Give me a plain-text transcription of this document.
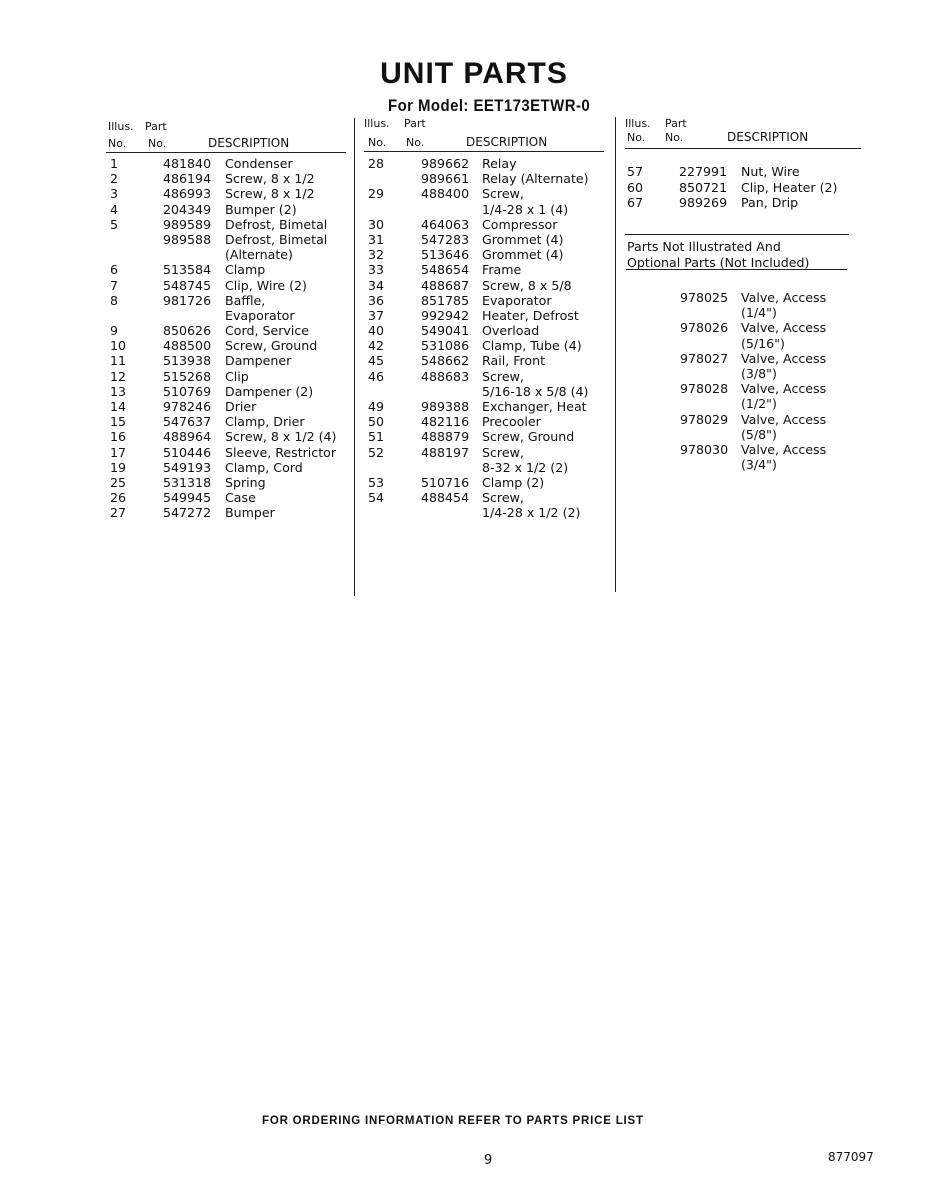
UNIT PARTS
For Model: EET173ETWR-0
Illus. Part
No. No.	DESCRIPTION
1	481840 Condenser
2	486194 Screw, 8 x 1/2
3	486993 Screw, 8 x 1/2
4	204349 Bumper (2)
5	989589 Defrost, Bimetal
989588 Defrost, Bimetal
(Alternate)
6	513584 Clamp
7	548745 Clip, Wire (2)
8	981726 Baffle,
Evaporator
9	850626 Cord, Service
10	488500 Screw, Ground
11	513938 Dampener
12	515268 Clip
13	510769 Dampener (2)
14	978246 Drier
15	547637 Clamp, Drier
16	488964 Screw, 8 x 1/2 (4)
17	510446 Sleeve, Restrictor
19	549193 Clamp, Cord
25	531318 Spring
26	549945 Case
27	547272 Bumper
Illus. Part
No. No.	DESCRIPTION
28	989662 Relay
989661 Relay (Alternate)
29	488400 Screw,
1/4-28 x 1 (4)
30	464063 Compressor
31	547283 Grommet (4)
32	513646 Grommet (4)
33	548654 Frame
34	488687 Screw, 8 x 5/8
36	851785 Evaporator
37	992942 Heater, Defrost
40	549041 Overload
42	531086 Clamp, Tube (4)
45	548662 Rail, Front
46	488683 Screw,
5/16-18 x 5/8 (4)
49	989388 Exchanger, Heat
50	482116 Precooler
51	488879 Screw, Ground
52	488197 Screw,
8-32 x 1/2 (2)
53	510716 Clamp (2)
54	488454 Screw,
1/4-28 x 1/2 (2)
Illus. Part
No. No.	DESCRIPTION
57	227991 Nut, Wire
60	850721 Clip, Heater (2)
67	989269 Pan, Drip
Parts Not Illustrated And
Optional Parts (Not Included)
978025 Valve, Access
(1/4")
978026 Valve, Access
(5/16")
978027 Valve, Access
(3/8")
978028 Valve, Access
(1/2")
978029 Valve, Access
(5/8")
978030 Valve, Access
(3/4")
FOR ORDERING INFORMATION REFER TO PARTS PRICE LIST
9	877097
